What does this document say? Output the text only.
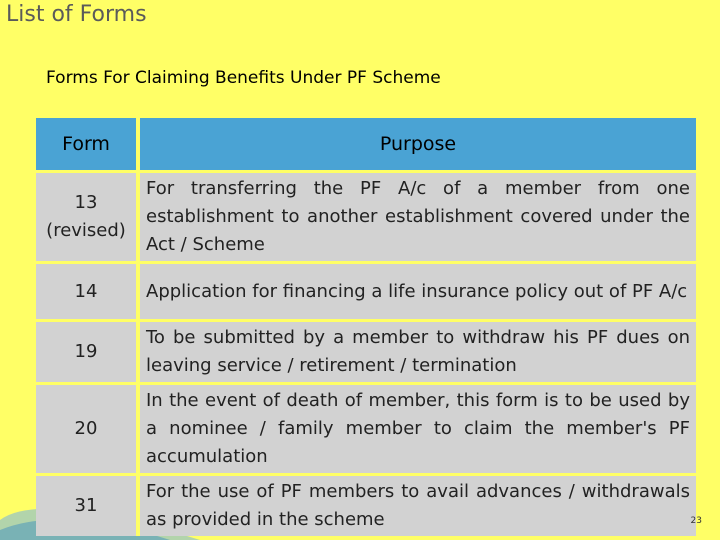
List of Forms
Forms For Claiming Benefits Under PF Scheme
Form	Purpose
13 (revised)	For transferring the PF A/c of a member from one establishment to another establishment covered under the Act / Scheme
14	Application for financing a life insurance policy out of PF A/c
19	To be submitted by a member to withdraw his PF dues on leaving service / retirement / termination
20	In the event of death of member, this form is to be used by a nominee / family member to claim the member's PF accumulation
31	For the use of PF members to avail advances / withdrawals as provided in the scheme	23
